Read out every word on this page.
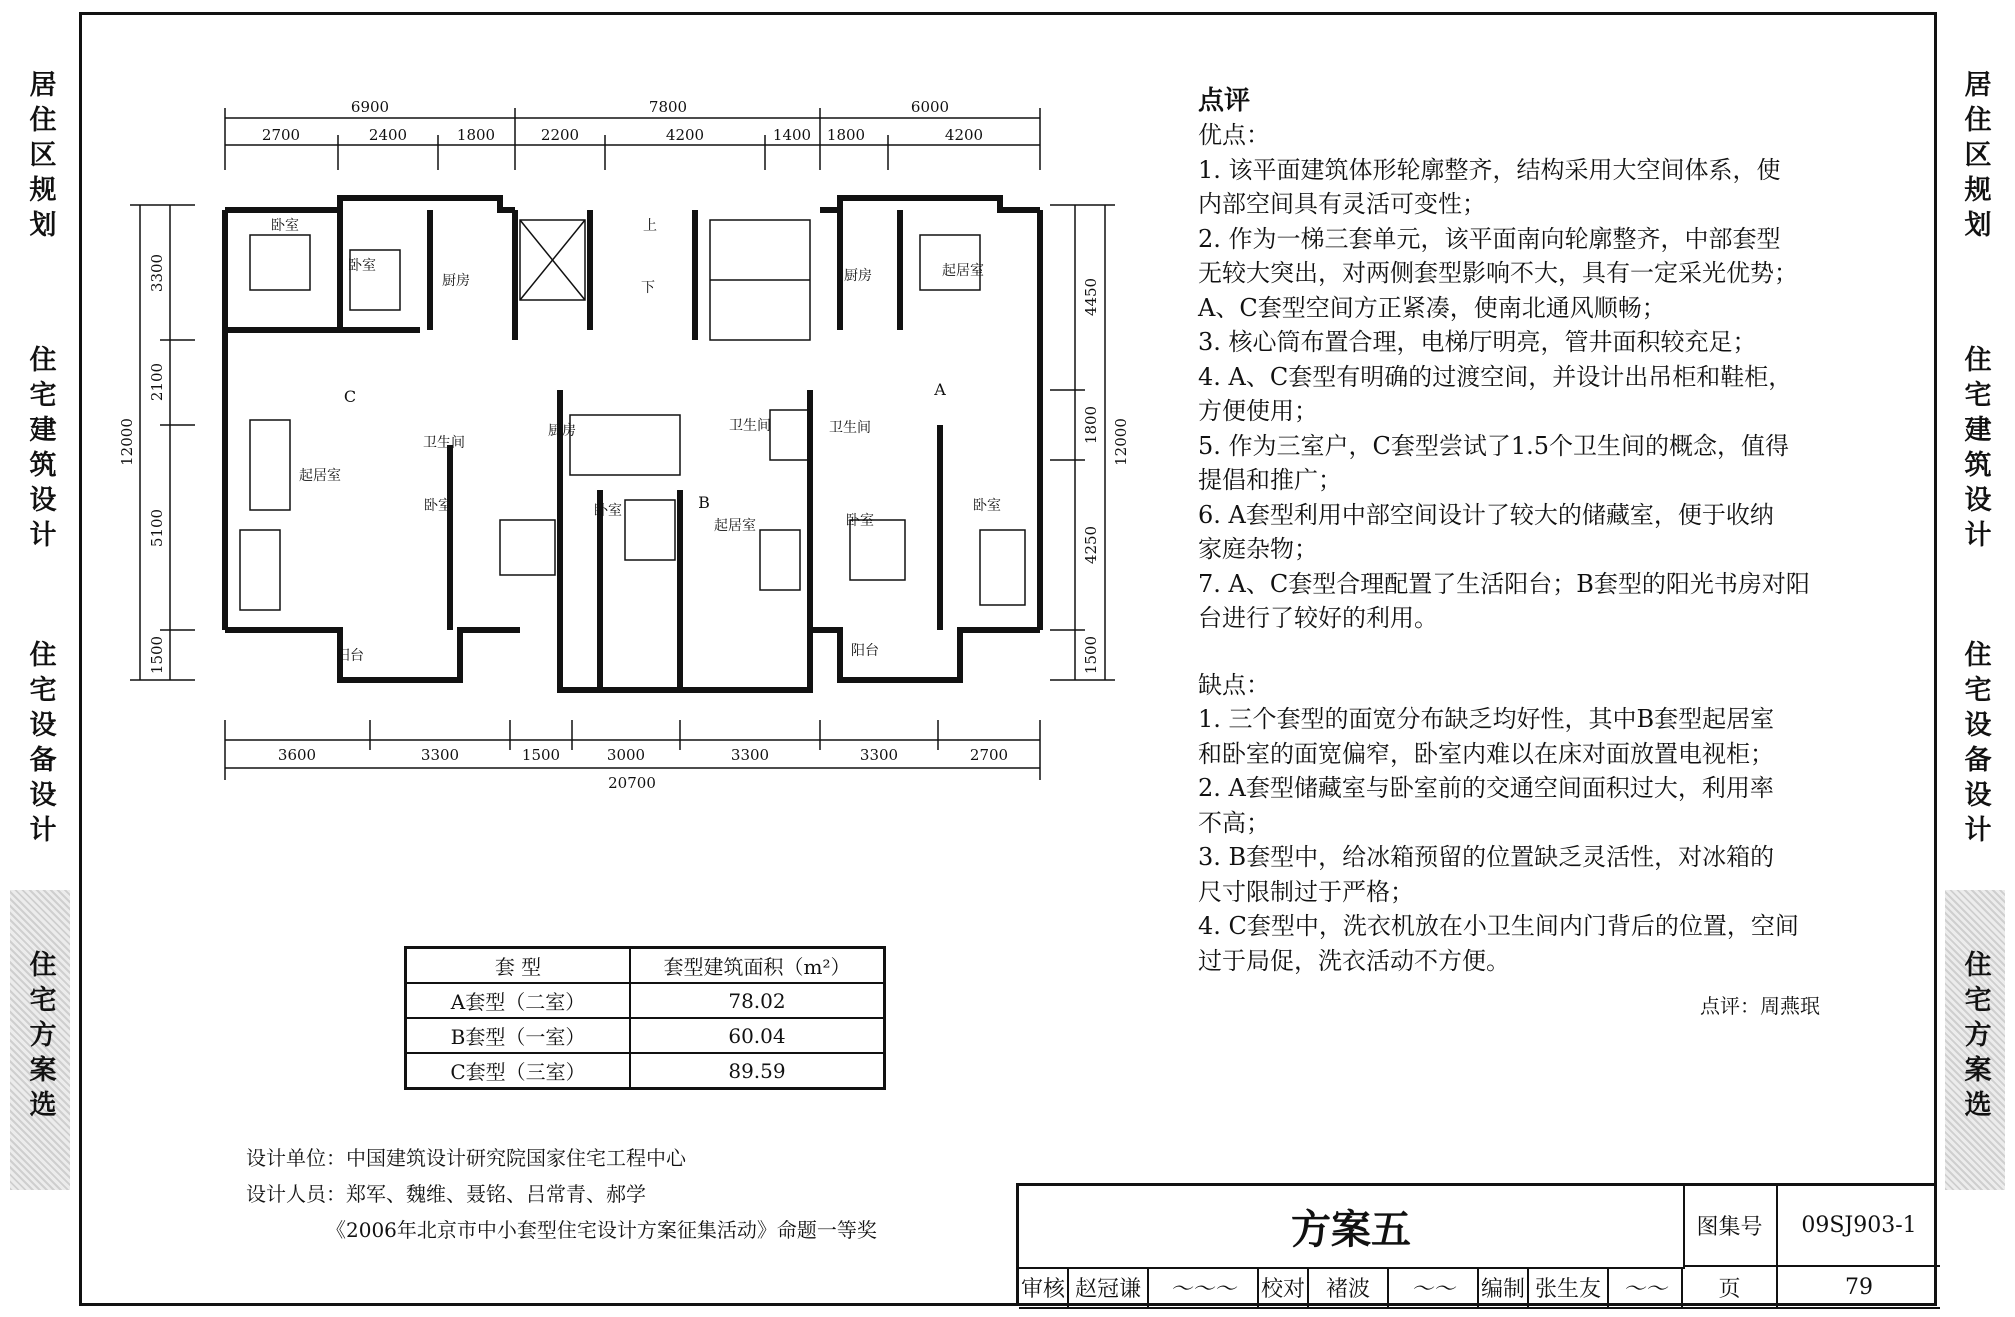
居住区规划
住宅建筑设计
住宅设备设计
住宅方案选
居住区规划
住宅建筑设计
住宅设备设计
住宅方案选
6900	7800	6000
2700	2400	1800	2200	4200	1400 1800	4200
3600	3300	1500	3000	3300	3300	2700
20700
3300
2100
5100
1500
12000
4450
1800
4250
1500
12000
卧室
卧室
厨房
起居室
卫生间
卧室
阳台
C
上
下
厨房
卧室
起居室
卫生间
B
厨房	起居室
卫生间
卧室
卧室
阳台
A
套 型	套型建筑面积（m²）
A套型（二室）	78.02
B套型（一室）	60.04
C套型（三室）	89.59
设计单位：中国建筑设计研究院国家住宅工程中心
设计人员：郑军、魏维、聂铭、吕常青、郝学
《2006年北京市中小套型住宅设计方案征集活动》命题一等奖
点评

优点：

1. 该平面建筑体形轮廓整齐，结构采用大空间体系，使

内部空间具有灵活可变性；

2. 作为一梯三套单元，该平面南向轮廓整齐，中部套型

无较大突出，对两侧套型影响不大，具有一定采光优势；

A、C套型空间方正紧凑，使南北通风顺畅；

3. 核心筒布置合理，电梯厅明亮，管井面积较充足；

4. A、C套型有明确的过渡空间，并设计出吊柜和鞋柜，

方便使用；

5. 作为三室户，C套型尝试了1.5个卫生间的概念，值得

提倡和推广；

6. A套型利用中部空间设计了较大的储藏室，便于收纳

家庭杂物；

7. A、C套型合理配置了生活阳台；B套型的阳光书房对阳

台进行了较好的利用。

缺点：

1. 三个套型的面宽分布缺乏均好性，其中B套型起居室

和卧室的面宽偏窄，卧室内难以在床对面放置电视柜；

2. A套型储藏室与卧室前的交通空间面积过大，利用率

不高；

3. B套型中，给冰箱预留的位置缺乏灵活性，对冰箱的

尺寸限制过于严格；

4. C套型中，洗衣机放在小卫生间内门背后的位置，空间

过于局促，洗衣活动不方便。

点评：周燕珉
方案五	图集号	09SJ903-1
审核 赵冠谦	〜〜〜	校对 褚波	〜〜	编制 张生友 〜〜	页	79
